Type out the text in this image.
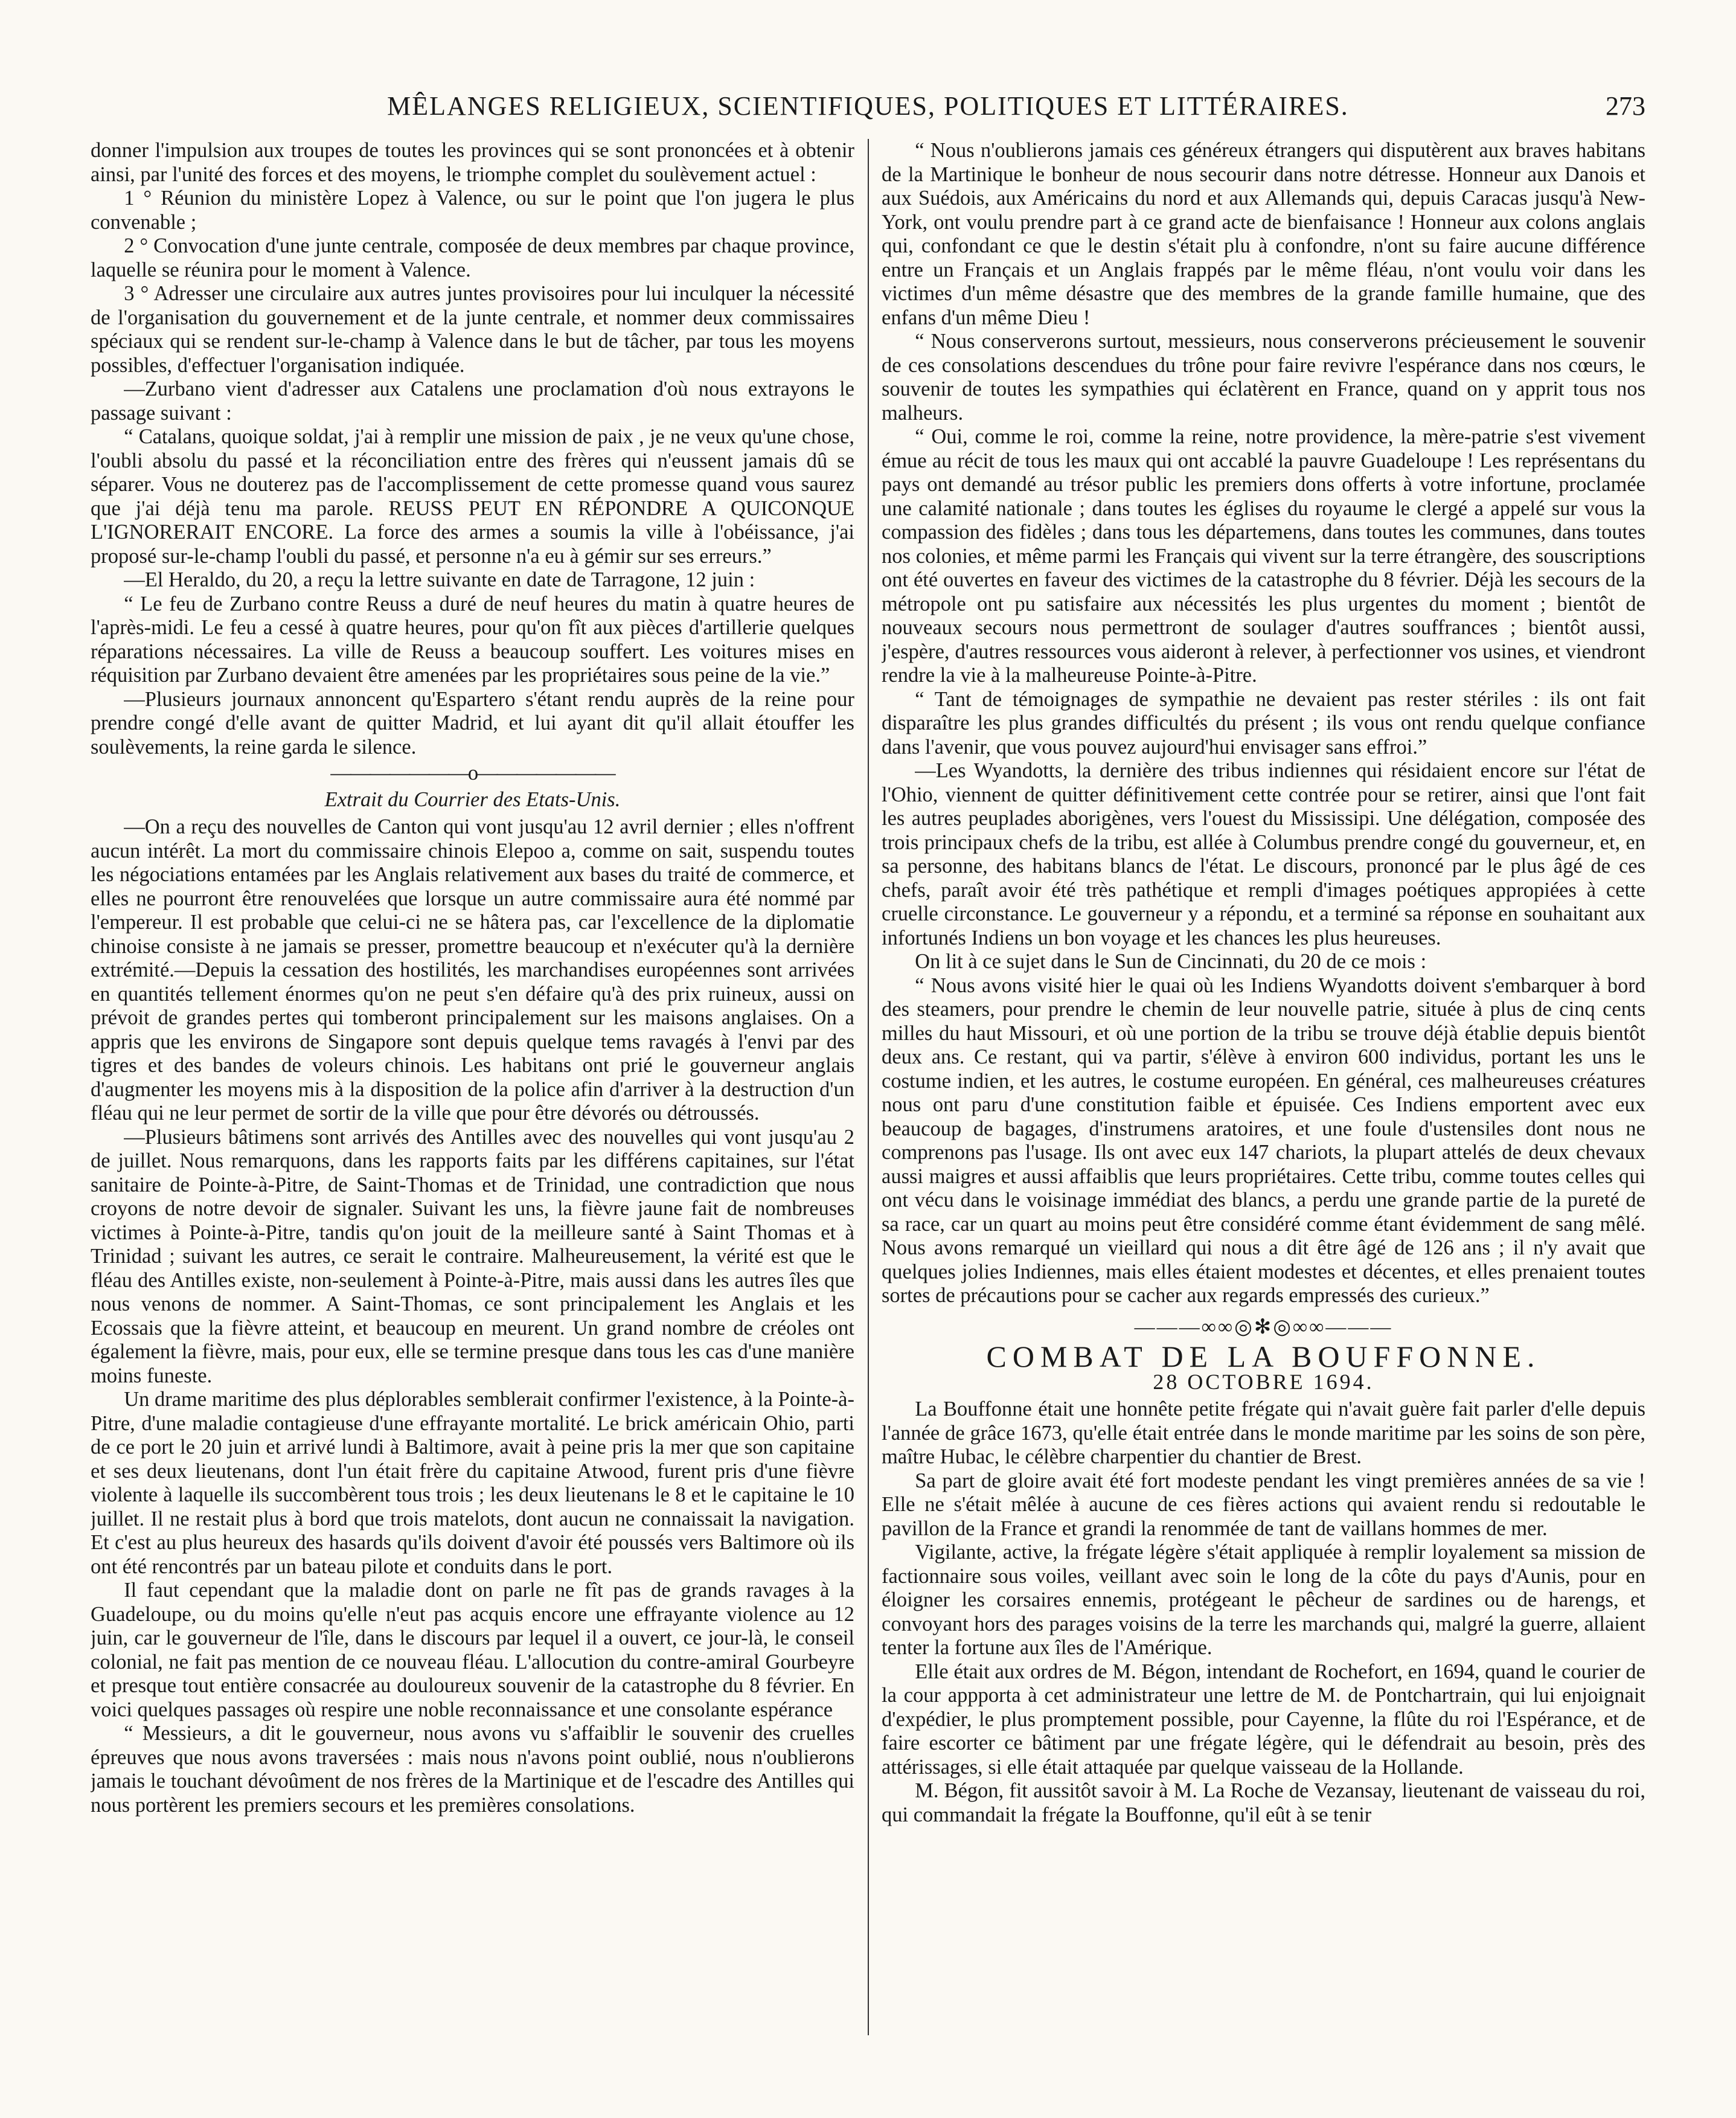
MÊLANGES RELIGIEUX, SCIENTIFIQUES, POLITIQUES ET LITTÉRAIRES.	273

donner l'impulsion aux troupes de toutes les provinces qui se sont prononcées et à obtenir ainsi, par l'unité des forces et des moyens, le triomphe complet du soulèvement actuel :

1 ° Réunion du ministère Lopez à Valence, ou sur le point que l'on jugera le plus convenable ;

2 ° Convocation d'une junte centrale, composée de deux membres par chaque province, laquelle se réunira pour le moment à Valence.

3 ° Adresser une circulaire aux autres juntes provisoires pour lui inculquer la nécessité de l'organisation du gouvernement et de la junte centrale, et nommer deux commissaires spéciaux qui se rendent sur-le-champ à Valence dans le but de tâcher, par tous les moyens possibles, d'effectuer l'organisation indiquée.

—Zurbano vient d'adresser aux Catalens une proclamation d'où nous extrayons le passage suivant :

“ Catalans, quoique soldat, j'ai à remplir une mission de paix , je ne veux qu'une chose, l'oubli absolu du passé et la réconciliation entre des frères qui n'eussent jamais dû se séparer. Vous ne douterez pas de l'accomplissement de cette promesse quand vous saurez que j'ai déjà tenu ma parole. REUSS PEUT EN RÉPONDRE A QUICONQUE L'IGNORERAIT ENCORE. La force des armes a soumis la ville à l'obéissance, j'ai proposé sur-le-champ l'oubli du passé, et personne n'a eu à gémir sur ses erreurs.”

—El Heraldo, du 20, a reçu la lettre suivante en date de Tarragone, 12 juin :

“ Le feu de Zurbano contre Reuss a duré de neuf heures du matin à quatre heures de l'après-midi. Le feu a cessé à quatre heures, pour qu'on fît aux pièces d'artillerie quelques réparations nécessaires. La ville de Reuss a beaucoup souffert. Les voitures mises en réquisition par Zurbano devaient être amenées par les propriétaires sous peine de la vie.”

—Plusieurs journaux annoncent qu'Espartero s'étant rendu auprès de la reine pour prendre congé d'elle avant de quitter Madrid, et lui ayant dit qu'il allait étouffer les soulèvements, la reine garda le silence.

———————o———————

Extrait du Courrier des Etats-Unis.

—On a reçu des nouvelles de Canton qui vont jusqu'au 12 avril dernier ; elles n'offrent aucun intérêt. La mort du commissaire chinois Elepoo a, comme on sait, suspendu toutes les négociations entamées par les Anglais relativement aux bases du traité de commerce, et elles ne pourront être renouvelées que lorsque un autre commissaire aura été nommé par l'empereur. Il est probable que celui-ci ne se hâtera pas, car l'excellence de la diplomatie chinoise consiste à ne jamais se presser, promettre beaucoup et n'exécuter qu'à la dernière extrémité.—Depuis la cessation des hostilités, les marchandises européennes sont arrivées en quantités tellement énormes qu'on ne peut s'en défaire qu'à des prix ruineux, aussi on prévoit de grandes pertes qui tomberont principalement sur les maisons anglaises. On a appris que les environs de Singapore sont depuis quelque tems ravagés à l'envi par des tigres et des bandes de voleurs chinois. Les habitans ont prié le gouverneur anglais d'augmenter les moyens mis à la disposition de la police afin d'arriver à la destruction d'un fléau qui ne leur permet de sortir de la ville que pour être dévorés ou détroussés.

—Plusieurs bâtimens sont arrivés des Antilles avec des nouvelles qui vont jusqu'au 2 de juillet. Nous remarquons, dans les rapports faits par les différens capitaines, sur l'état sanitaire de Pointe-à-Pitre, de Saint-Thomas et de Trinidad, une contradiction que nous croyons de notre devoir de signaler. Suivant les uns, la fièvre jaune fait de nombreuses victimes à Pointe-à-Pitre, tandis qu'on jouit de la meilleure santé à Saint Thomas et à Trinidad ; suivant les autres, ce serait le contraire. Malheureusement, la vérité est que le fléau des Antilles existe, non-seulement à Pointe-à-Pitre, mais aussi dans les autres îles que nous venons de nommer. A Saint-Thomas, ce sont principalement les Anglais et les Ecossais que la fièvre atteint, et beaucoup en meurent. Un grand nombre de créoles ont également la fièvre, mais, pour eux, elle se termine presque dans tous les cas d'une manière moins funeste.

Un drame maritime des plus déplorables semblerait confirmer l'existence, à la Pointe-à-Pitre, d'une maladie contagieuse d'une effrayante mortalité. Le brick américain Ohio, parti de ce port le 20 juin et arrivé lundi à Baltimore, avait à peine pris la mer que son capitaine et ses deux lieutenans, dont l'un était frère du capitaine Atwood, furent pris d'une fièvre violente à laquelle ils succombèrent tous trois ; les deux lieutenans le 8 et le capitaine le 10 juillet. Il ne restait plus à bord que trois matelots, dont aucun ne connaissait la navigation. Et c'est au plus heureux des hasards qu'ils doivent d'avoir été poussés vers Baltimore où ils ont été rencontrés par un bateau pilote et conduits dans le port.

Il faut cependant que la maladie dont on parle ne fît pas de grands ravages à la Guadeloupe, ou du moins qu'elle n'eut pas acquis encore une effrayante violence au 12 juin, car le gouverneur de l'île, dans le discours par lequel il a ouvert, ce jour-là, le conseil colonial, ne fait pas mention de ce nouveau fléau. L'allocution du contre-amiral Gourbeyre et presque tout entière consacrée au douloureux souvenir de la catastrophe du 8 février. En voici quelques passages où respire une noble reconnaissance et une consolante espérance

“ Messieurs, a dit le gouverneur, nous avons vu s'affaiblir le souvenir des cruelles épreuves que nous avons traversées : mais nous n'avons point oublié, nous n'oublierons jamais le touchant dévoûment de nos frères de la Martinique et de l'escadre des Antilles qui nous portèrent les premiers secours et les premières consolations.

“ Nous n'oublierons jamais ces généreux étrangers qui disputèrent aux braves habitans de la Martinique le bonheur de nous secourir dans notre détresse. Honneur aux Danois et aux Suédois, aux Américains du nord et aux Allemands qui, depuis Caracas jusqu'à New-York, ont voulu prendre part à ce grand acte de bienfaisance ! Honneur aux colons anglais qui, confondant ce que le destin s'était plu à confondre, n'ont su faire aucune différence entre un Français et un Anglais frappés par le même fléau, n'ont voulu voir dans les victimes d'un même désastre que des membres de la grande famille humaine, que des enfans d'un même Dieu !

“ Nous conserverons surtout, messieurs, nous conserverons précieusement le souvenir de ces consolations descendues du trône pour faire revivre l'espérance dans nos cœurs, le souvenir de toutes les sympathies qui éclatèrent en France, quand on y apprit tous nos malheurs.

“ Oui, comme le roi, comme la reine, notre providence, la mère-patrie s'est vivement émue au récit de tous les maux qui ont accablé la pauvre Guadeloupe ! Les représentans du pays ont demandé au trésor public les premiers dons offerts à votre infortune, proclamée une calamité nationale ; dans toutes les églises du royaume le clergé a appelé sur vous la compassion des fidèles ; dans tous les départemens, dans toutes les communes, dans toutes nos colonies, et même parmi les Français qui vivent sur la terre étrangère, des souscriptions ont été ouvertes en faveur des victimes de la catastrophe du 8 février. Déjà les secours de la métropole ont pu satisfaire aux nécessités les plus urgentes du moment ; bientôt de nouveaux secours nous permettront de soulager d'autres souffrances ; bientôt aussi, j'espère, d'autres ressources vous aideront à relever, à perfectionner vos usines, et viendront rendre la vie à la malheureuse Pointe-à-Pitre.

“ Tant de témoignages de sympathie ne devaient pas rester stériles : ils ont fait disparaître les plus grandes difficultés du présent ; ils vous ont rendu quelque confiance dans l'avenir, que vous pouvez aujourd'hui envisager sans effroi.”

—Les Wyandotts, la dernière des tribus indiennes qui résidaient encore sur l'état de l'Ohio, viennent de quitter définitivement cette contrée pour se retirer, ainsi que l'ont fait les autres peuplades aborigènes, vers l'ouest du Mississipi. Une délégation, composée des trois principaux chefs de la tribu, est allée à Columbus prendre congé du gouverneur, et, en sa personne, des habitans blancs de l'état. Le discours, prononcé par le plus âgé de ces chefs, paraît avoir été très pathétique et rempli d'images poétiques appropiées à cette cruelle circonstance. Le gouverneur y a répondu, et a terminé sa réponse en souhaitant aux infortunés Indiens un bon voyage et les chances les plus heureuses.

On lit à ce sujet dans le Sun de Cincinnati, du 20 de ce mois :

“ Nous avons visité hier le quai où les Indiens Wyandotts doivent s'embarquer à bord des steamers, pour prendre le chemin de leur nouvelle patrie, située à plus de cinq cents milles du haut Missouri, et où une portion de la tribu se trouve déjà établie depuis bientôt deux ans. Ce restant, qui va partir, s'élève à environ 600 individus, portant les uns le costume indien, et les autres, le costume européen. En général, ces malheureuses créatures nous ont paru d'une constitution faible et épuisée. Ces Indiens emportent avec eux beaucoup de bagages, d'instrumens aratoires, et une foule d'ustensiles dont nous ne comprenons pas l'usage. Ils ont avec eux 147 chariots, la plupart attelés de deux chevaux aussi maigres et aussi affaiblis que leurs propriétaires. Cette tribu, comme toutes celles qui ont vécu dans le voisinage immédiat des blancs, a perdu une grande partie de la pureté de sa race, car un quart au moins peut être considéré comme étant évidemment de sang mêlé. Nous avons remarqué un vieillard qui nous a dit être âgé de 126 ans ; il n'y avait que quelques jolies Indiennes, mais elles étaient modestes et décentes, et elles prenaient toutes sortes de précautions pour se cacher aux regards empressés des curieux.”

———∞∞◎✻◎∞∞———

COMBAT DE LA BOUFFONNE.

28 OCTOBRE 1694.

La Bouffonne était une honnête petite frégate qui n'avait guère fait parler d'elle depuis l'année de grâce 1673, qu'elle était entrée dans le monde maritime par les soins de son père, maître Hubac, le célèbre charpentier du chantier de Brest.

Sa part de gloire avait été fort modeste pendant les vingt premières années de sa vie ! Elle ne s'était mêlée à aucune de ces fières actions qui avaient rendu si redoutable le pavillon de la France et grandi la renommée de tant de vaillans hommes de mer.

Vigilante, active, la frégate légère s'était appliquée à remplir loyalement sa mission de factionnaire sous voiles, veillant avec soin le long de la côte du pays d'Aunis, pour en éloigner les corsaires ennemis, protégeant le pêcheur de sardines ou de harengs, et convoyant hors des parages voisins de la terre les marchands qui, malgré la guerre, allaient tenter la fortune aux îles de l'Amérique.

Elle était aux ordres de M. Bégon, intendant de Rochefort, en 1694, quand le courier de la cour appporta à cet administrateur une lettre de M. de Pontchartrain, qui lui enjoignait d'expédier, le plus promptement possible, pour Cayenne, la flûte du roi l'Espérance, et de faire escorter ce bâtiment par une frégate légère, qui le défendrait au besoin, près des attérissages, si elle était attaquée par quelque vaisseau de la Hollande.

M. Bégon, fit aussitôt savoir à M. La Roche de Vezansay, lieutenant de vaisseau du roi, qui commandait la frégate la Bouffonne, qu'il eût à se tenir
